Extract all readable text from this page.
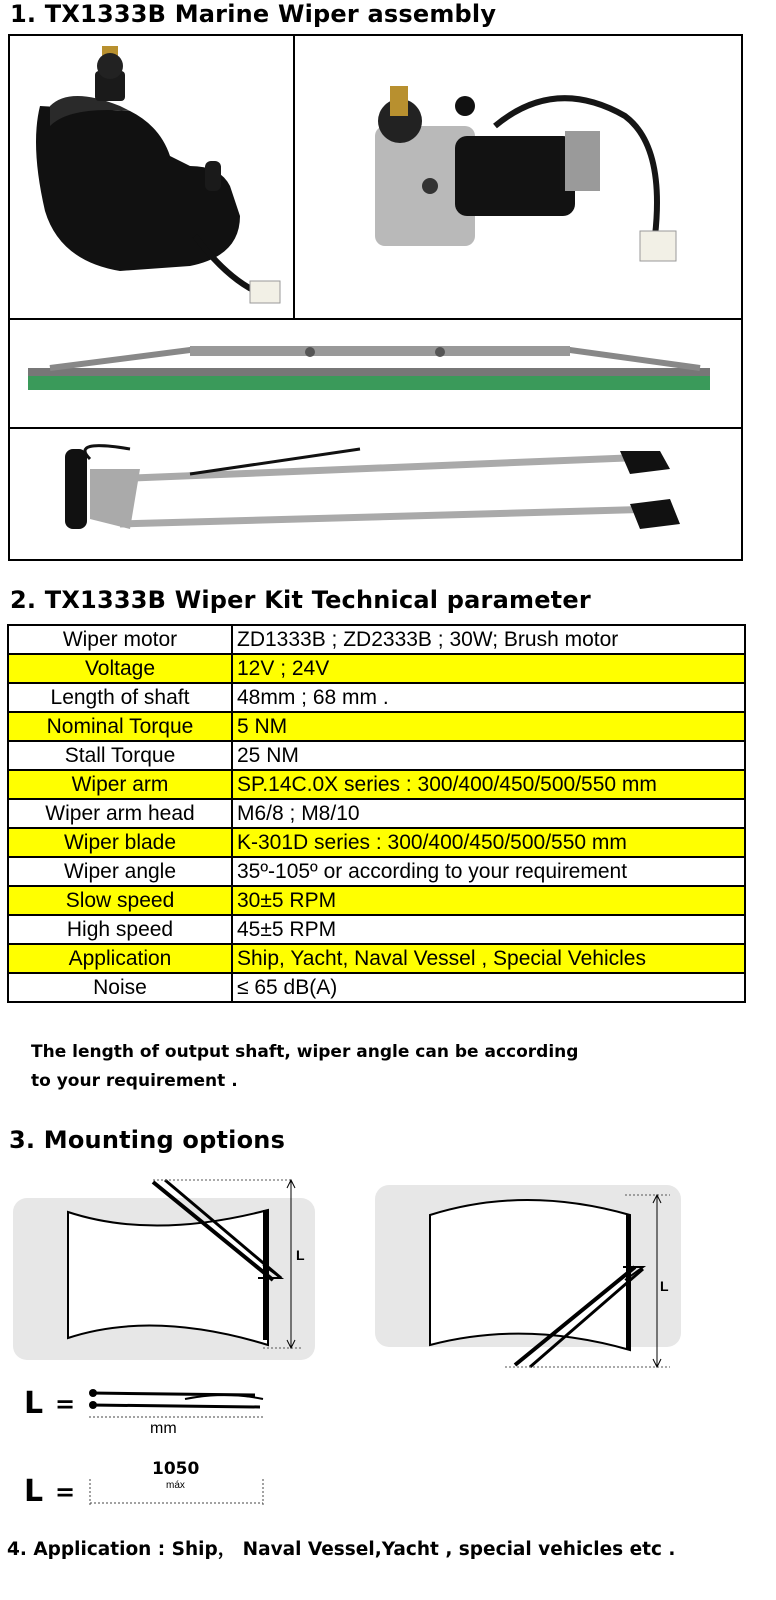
1. TX1333B Marine Wiper assembly
2. TX1333B Wiper Kit Technical parameter
Wiper motor	ZD1333B ; ZD2333B ; 30W; Brush motor
Voltage	12V ; 24V
Length of shaft	48mm ; 68 mm .
Nominal Torque	5 NM
Stall Torque	25 NM
Wiper arm	SP.14C.0X series : 300/400/450/500/550 mm
Wiper arm head	M6/8 ; M8/10
Wiper blade	K-301D series : 300/400/450/500/550 mm
Wiper angle	35º-105º or according to your requirement
Slow speed	30±5 RPM
High speed	45±5 RPM
Application	Ship, Yacht, Naval Vessel , Special Vehicles
Noise	≤ 65 dB(A)
The length of output shaft, wiper angle can be according
to your requirement .
3. Mounting options
L
L
L =
mm
L =
1050
máx
4. Application : Ship， Naval Vessel,Yacht , special vehicles etc .
